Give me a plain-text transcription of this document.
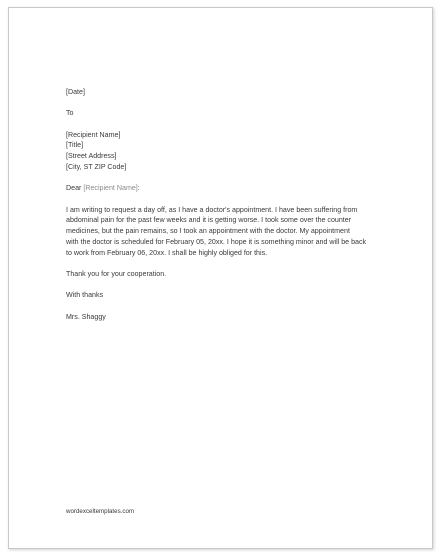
[Date]
To
[Recipient Name]
[Title]
[Street Address]
[City, ST ZIP Code]
Dear [Recipient Name]:
I am writing to request a day off, as I have a doctor's appointment. I have been suffering from
abdominal pain for the past few weeks and it is getting worse. I took some over the counter
medicines, but the pain remains, so I took an appointment with the doctor. My appointment
with the doctor is scheduled for February 05, 20xx. I hope it is something minor and will be back
to work from February 06, 20xx. I shall be highly obliged for this.
Thank you for your cooperation.
With thanks
Mrs. Shaggy
wordexceltemplates.com
